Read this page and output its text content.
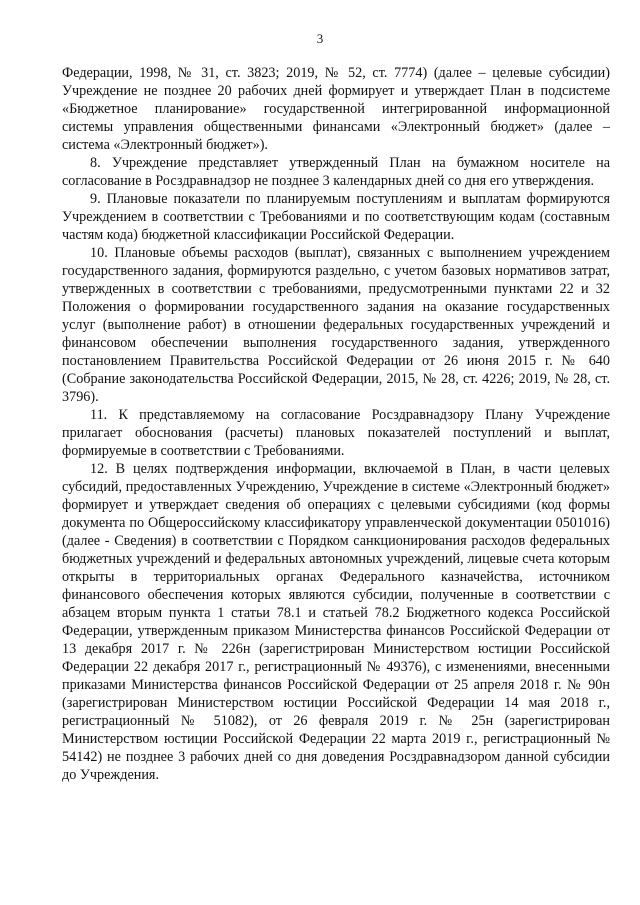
3

Федерации, 1998, № 31, ст. 3823; 2019, № 52, ст. 7774) (далее – целевые субсидии) Учреждение не позднее 20 рабочих дней формирует и утверждает План в подсистеме «Бюджетное планирование» государственной интегрированной информационной системы управления общественными финансами «Электронный бюджет» (далее – система «Электронный бюджет»).

8. Учреждение представляет утвержденный План на бумажном носителе на согласование в Росздравнадзор не позднее 3 календарных дней со дня его утверждения.

9. Плановые показатели по планируемым поступлениям и выплатам формируются Учреждением в соответствии с Требованиями и по соответствующим кодам (составным частям кода) бюджетной классификации Российской Федерации.

10. Плановые объемы расходов (выплат), связанных с выполнением учреждением государственного задания, формируются раздельно, с учетом базовых нормативов затрат, утвержденных в соответствии с требованиями, предусмотренными пунктами 22 и 32 Положения о формировании государственного задания на оказание государственных услуг (выполнение работ) в отношении федеральных государственных учреждений и финансовом обеспечении выполнения государственного задания, утвержденного постановлением Правительства Российской Федерации от 26 июня 2015 г. № 640 (Собрание законодательства Российской Федерации, 2015, № 28, ст. 4226; 2019, № 28, ст. 3796).

11. К представляемому на согласование Росздравнадзору Плану Учреждение прилагает обоснования (расчеты) плановых показателей поступлений и выплат, формируемые в соответствии с Требованиями.

12. В целях подтверждения информации, включаемой в План, в части целевых субсидий, предоставленных Учреждению, Учреждение в системе «Электронный бюджет» формирует и утверждает сведения об операциях с целевыми субсидиями (код формы документа по Общероссийскому классификатору управленческой документации 0501016) (далее - Сведения) в соответствии с Порядком санкционирования расходов федеральных бюджетных учреждений и федеральных автономных учреждений, лицевые счета которым открыты в территориальных органах Федерального казначейства, источником финансового обеспечения которых являются субсидии, полученные в соответствии с абзацем вторым пункта 1 статьи 78.1 и статьей 78.2 Бюджетного кодекса Российской Федерации, утвержденным приказом Министерства финансов Российской Федерации от 13 декабря 2017 г. № 226н (зарегистрирован Министерством юстиции Российской Федерации 22 декабря 2017 г., регистрационный № 49376), с изменениями, внесенными приказами Министерства финансов Российской Федерации от 25 апреля 2018 г. № 90н (зарегистрирован Министерством юстиции Российской Федерации 14 мая 2018 г., регистрационный № 51082), от 26 февраля 2019 г. № 25н (зарегистрирован Министерством юстиции Российской Федерации 22 марта 2019 г., регистрационный № 54142) не позднее 3 рабочих дней со дня доведения Росздравнадзором данной субсидии до Учреждения.
